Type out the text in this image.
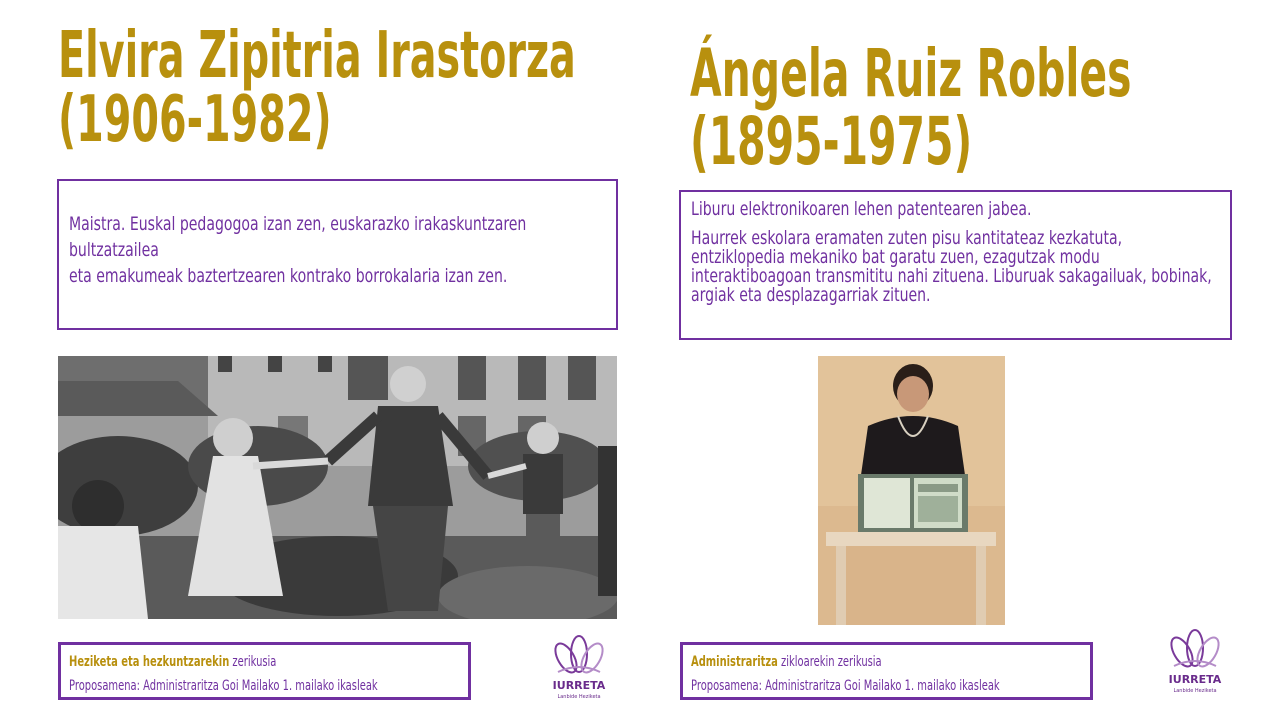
Elvira Zipitria Irastorza
(1906-1982)

Maistra. Euskal pedagogoa izan zen, euskarazko irakaskuntzaren bultzatzailea

eta emakumeak baztertzearen kontrako borrokalaria izan zen.

Heziketa eta hezkuntzarekin zerikusia
Proposamena: Administraritza Goi Mailako 1. mailako ikasleak	IURRETA
Lanbide Heziketa
Ángela Ruiz Robles
(1895-1975)

Liburu elektronikoaren lehen patentearen jabea.

Haurrek eskolara eramaten zuten pisu kantitateaz kezkatuta, entziklopedia mekaniko bat garatu zuen, ezagutzak modu interaktiboagoan transmititu nahi zituena. Liburuak sakagailuak, bobinak, argiak eta desplazagarriak zituen.

Administraritza zikloarekin zerikusia
Proposamena: Administraritza Goi Mailako 1. mailako ikasleak	IURRETA
Lanbide Heziketa
